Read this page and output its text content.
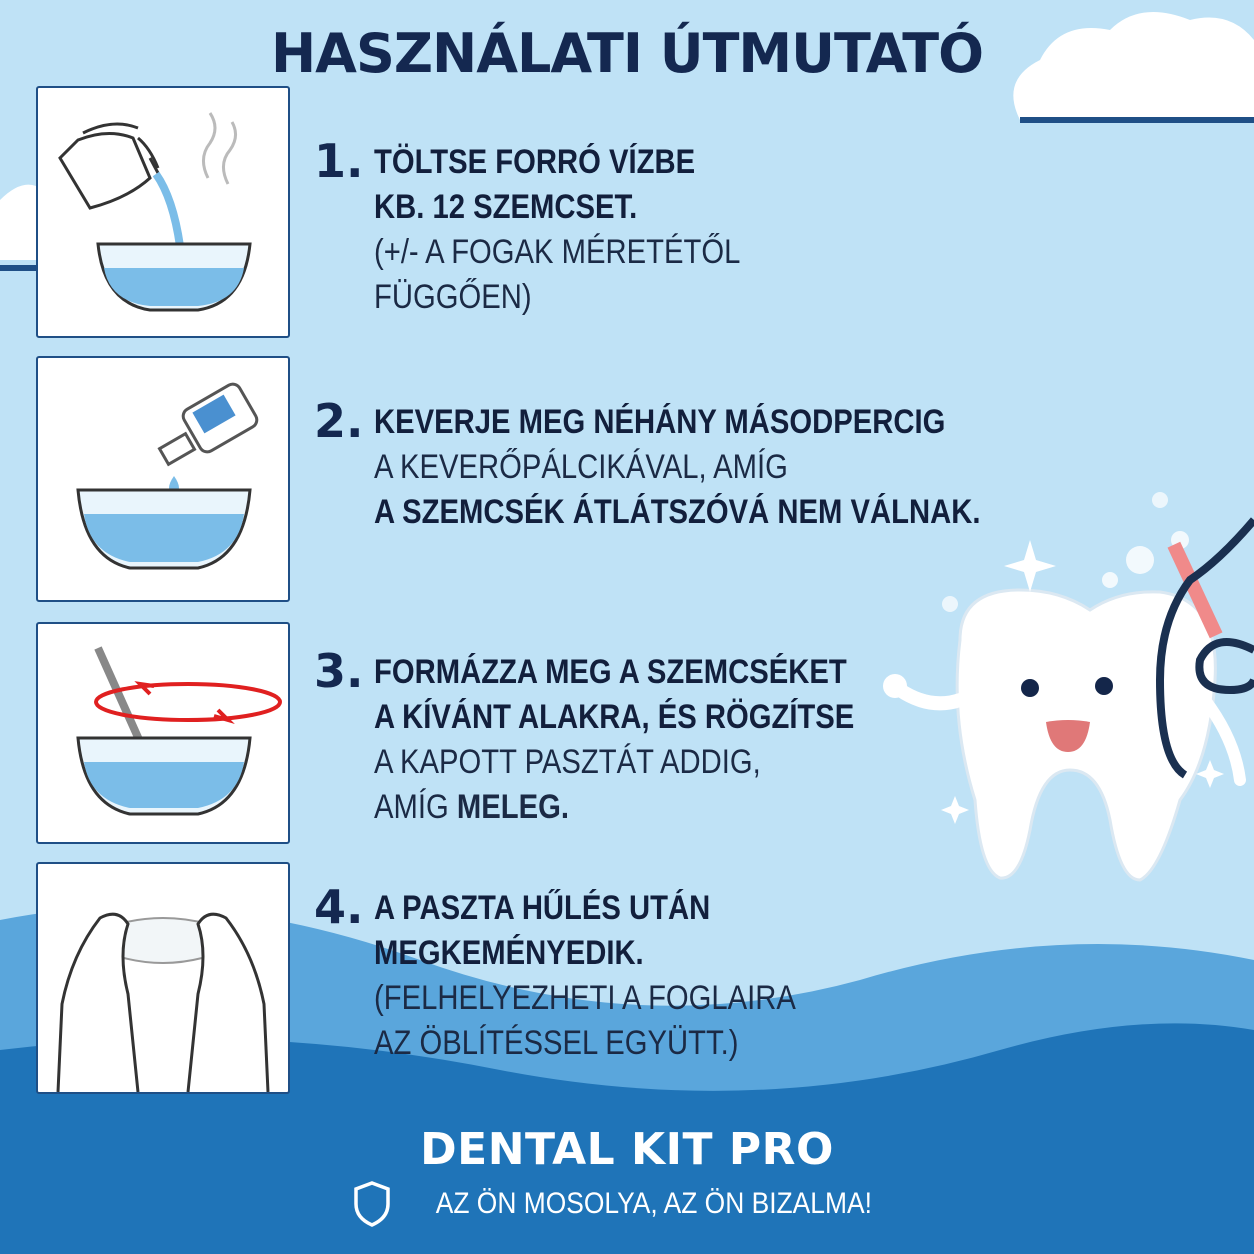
HASZNÁLATI ÚTMUTATÓ
1. TÖLTSE FORRÓ VÍZBE
KB. 12 SZEMCSET.
(+/- A FOGAK MÉRETÉTŐL
FÜGGŐEN)
2. KEVERJE MEG NÉHÁNY MÁSODPERCIG
A KEVERŐPÁLCIKÁVAL, AMÍG
A SZEMCSÉK ÁTLÁTSZÓVÁ NEM VÁLNAK.
3. FORMÁZZA MEG A SZEMCSÉKET
A KÍVÁNT ALAKRA, ÉS RÖGZÍTSE
A KAPOTT PASZTÁT ADDIG,
AMÍG MELEG.
4. A PASZTA HŰLÉS UTÁN
MEGKEMÉNYEDIK.
(FELHELYEZHETI A FOGLAIRA
AZ ÖBLÍTÉSSEL EGYÜTT.)
DENTAL KIT PRO
AZ ÖN MOSOLYA, AZ ÖN BIZALMA!
